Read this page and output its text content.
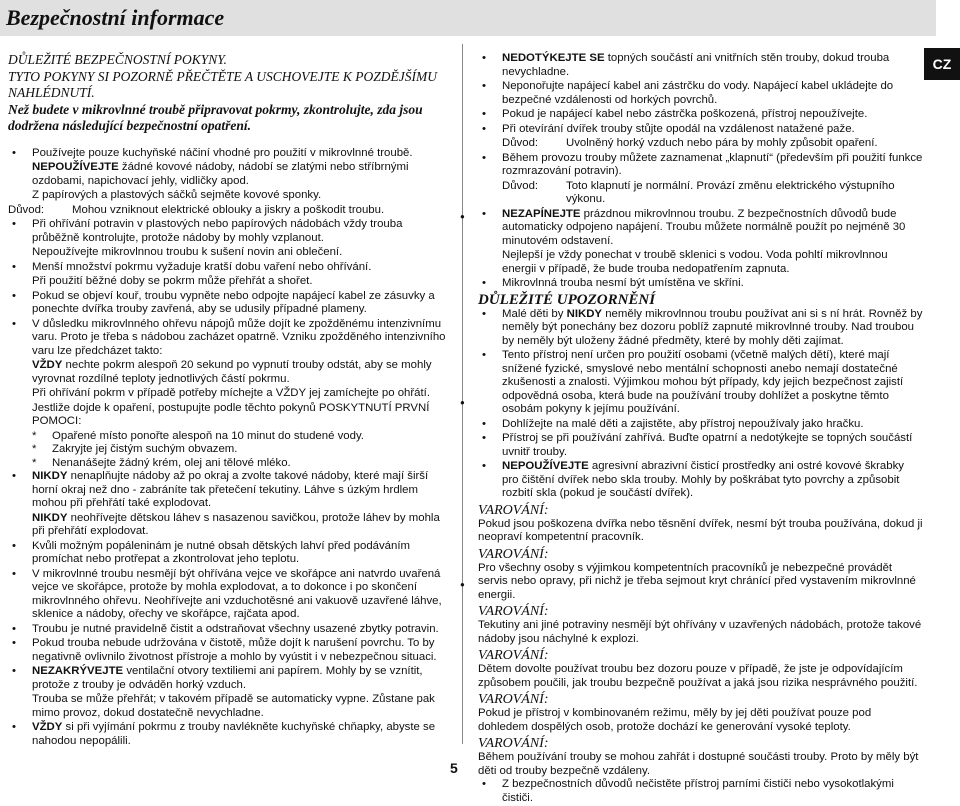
Bezpečnostní informace
CZ
●
●
●
DŮLEŽITÉ BEZPEČNOSTNÍ POKYNY.
TYTO POKYNY SI POZORNĚ PŘEČTĚTE A USCHOVEJTE K POZDĚJŠÍMU NAHLÉDNUTÍ.
Než budete v mikrovlnné troubě připravovat pokrmy, zkontrolujte, zda jsou dodržena následující bezpečnostní opatření.
• Používejte pouze kuchyňské náčiní vhodné pro použití v mikrovlnné troubě.
NEPOUŽÍVEJTE žádné kovové nádoby, nádobí se zlatými nebo stříbrnými ozdobami, napichovací jehly, vidličky apod.
Z papírových a plastových sáčků sejměte kovové sponky.
Důvod:	Mohou vzniknout elektrické oblouky a jiskry a poškodit troubu.
• Při ohřívání potravin v plastových nebo papírových nádobách vždy trouba průběžně kontrolujte, protože nádoby by mohly vzplanout.
Nepoužívejte mikrovlnnou troubu k sušení novin ani oblečení.
• Menší množství pokrmu vyžaduje kratší dobu vaření nebo ohřívání.
Při použití běžné doby se pokrm může přehřát a shořet.
• Pokud se objeví kouř, troubu vypněte nebo odpojte napájecí kabel ze zásuvky a ponechte dvířka trouby zavřená, aby se udusily případné plameny.
• V důsledku mikrovlnného ohřevu nápojů může dojít ke zpožděnému intenzivnímu varu. Proto je třeba s nádobou zacházet opatrně. Vzniku zpožděného intenzivního varu lze předcházet takto:
VŽDY nechte pokrm alespoň 20 sekund po vypnutí trouby odstát, aby se mohly vyrovnat rozdílné teploty jednotlivých částí pokrmu.
Při ohřívání pokrm v případě potřeby míchejte a VŽDY jej zamíchejte po ohřátí.
Jestliže dojde k opaření, postupujte podle těchto pokynů POSKYTNUTÍ PRVNÍ POMOCI:
*	Opařené místo ponořte alespoň na 10 minut do studené vody.
*	Zakryjte jej čistým suchým obvazem.
*	Nenanášejte žádný krém, olej ani tělové mléko.
• NIKDY nenaplňujte nádoby až po okraj a zvolte takové nádoby, které mají širší horní okraj než dno - zabráníte tak přetečení tekutiny. Láhve s úzkým hrdlem mohou při přehřátí také explodovat.
NIKDY neohřívejte dětskou láhev s nasazenou savičkou, protože láhev by mohla při přehřátí explodovat.
• Kvůli možným popáleninám je nutné obsah dětských lahví před podáváním promíchat nebo protřepat a zkontrolovat jeho teplotu.
• V mikrovlnné troubu nesmějí být ohřívána vejce ve skořápce ani natvrdo uvařená vejce ve skořápce, protože by mohla explodovat, a to dokonce i po skončení mikrovlnného ohřevu. Neohřívejte ani vzduchotěsné ani vakuově uzavřené láhve, sklenice a nádoby, ořechy ve skořápce, rajčata apod.
• Troubu je nutné pravidelně čistit a odstraňovat všechny usazené zbytky potravin.
• Pokud trouba nebude udržována v čistotě, může dojít k narušení povrchu. To by negativně ovlivnilo životnost přístroje a mohlo by vyústit i v nebezpečnou situaci.
• NEZAKRÝVEJTE ventilační otvory textiliemi ani papírem. Mohly by se vznítit, protože z trouby je odváděn horký vzduch.
Trouba se může přehřát; v takovém případě se automaticky vypne. Zůstane pak mimo provoz, dokud dostatečně nevychladne.
• VŽDY si při vyjímání pokrmu z trouby navlékněte kuchyňské chňapky, abyste se nahodou nepopálili.
• NEDOTÝKEJTE SE topných součástí ani vnitřních stěn trouby, dokud trouba nevychladne.
• Neponořujte napájecí kabel ani zástrčku do vody. Napájecí kabel ukládejte do bezpečné vzdálenosti od horkých povrchů.
• Pokud je napájecí kabel nebo zástrčka poškozená, přístroj nepoužívejte.
• Při otevírání dvířek trouby stůjte opodál na vzdálenost natažené paže.
Důvod:	Uvolněný horký vzduch nebo pára by mohly způsobit opaření.
• Během provozu trouby můžete zaznamenat „klapnutí“ (především při použití funkce rozmrazování potravin).
Důvod:	Toto klapnutí je normální. Provází změnu elektrického výstupního výkonu.
• NEZAPÍNEJTE prázdnou mikrovlnnou troubu. Z bezpečnostních důvodů bude automaticky odpojeno napájení. Troubu můžete normálně použít po nejméně 30 minutovém odstavení.
Nejlepší je vždy ponechat v troubě sklenici s vodou. Voda pohltí mikrovlnnou energii v případě, že bude trouba nedopatřením zapnuta.
• Mikrovlnná trouba nesmí být umístěna ve skříni.
DŮLEŽITÉ UPOZORNĚNÍ
• Malé děti by NIKDY neměly mikrovlnnou troubu používat ani si s ní hrát. Rovněž by neměly být ponechány bez dozoru poblíž zapnuté mikrovlnné trouby. Nad troubou by neměly být uloženy žádné předměty, které by mohly děti zajímat.
• Tento přístroj není určen pro použití osobami (včetně malých dětí), které mají snížené fyzické, smyslové nebo mentální schopnosti anebo nemají dostatečné zkušenosti a znalosti. Výjimkou mohou být případy, kdy jejich bezpečnost zajistí odpovědná osoba, která bude na používání trouby dohlížet a poskytne těmto osobám pokyny k jejímu používání.
• Dohlížejte na malé děti a zajistěte, aby přístroj nepoužívaly jako hračku.
• Přístroj se při používání zahřívá. Buďte opatrní a nedotýkejte se topných součástí uvnitř trouby.
• NEPOUŽÍVEJTE agresivní abrazivní čisticí prostředky ani ostré kovové škrabky pro čištění dvířek nebo skla trouby. Mohly by poškrábat tyto povrchy a způsobit rozbití skla (pokud je součástí dvířek).
VAROVÁNÍ:
Pokud jsou poškozena dvířka nebo těsnění dvířek, nesmí být trouba používána, dokud ji neopraví kompetentní pracovník.
VAROVÁNÍ:
Pro všechny osoby s výjimkou kompetentních pracovníků je nebezpečné provádět servis nebo opravy, při nichž je třeba sejmout kryt chránící před vystavením mikrovlnné energii.
VAROVÁNÍ:
Tekutiny ani jiné potraviny nesmějí být ohřívány v uzavřených nádobách, protože takové nádoby jsou náchylné k explozi.
VAROVÁNÍ:
Dětem dovolte používat troubu bez dozoru pouze v případě, že jste je odpovídajícím způsobem poučili, jak troubu bezpečně používat a jaká jsou rizika nesprávného použití.
VAROVÁNÍ:
Pokud je přístroj v kombinovaném režimu, měly by jej děti používat pouze pod dohledem dospělých osob, protože dochází ke generování vysoké teploty.
VAROVÁNÍ:
Během používání trouby se mohou zahřát i dostupné součásti trouby. Proto by měly být děti od trouby bezpečně vzdáleny.
• Z bezpečnostních důvodů nečistěte přístroj parními čističi nebo vysokotlakými čističi.
5
